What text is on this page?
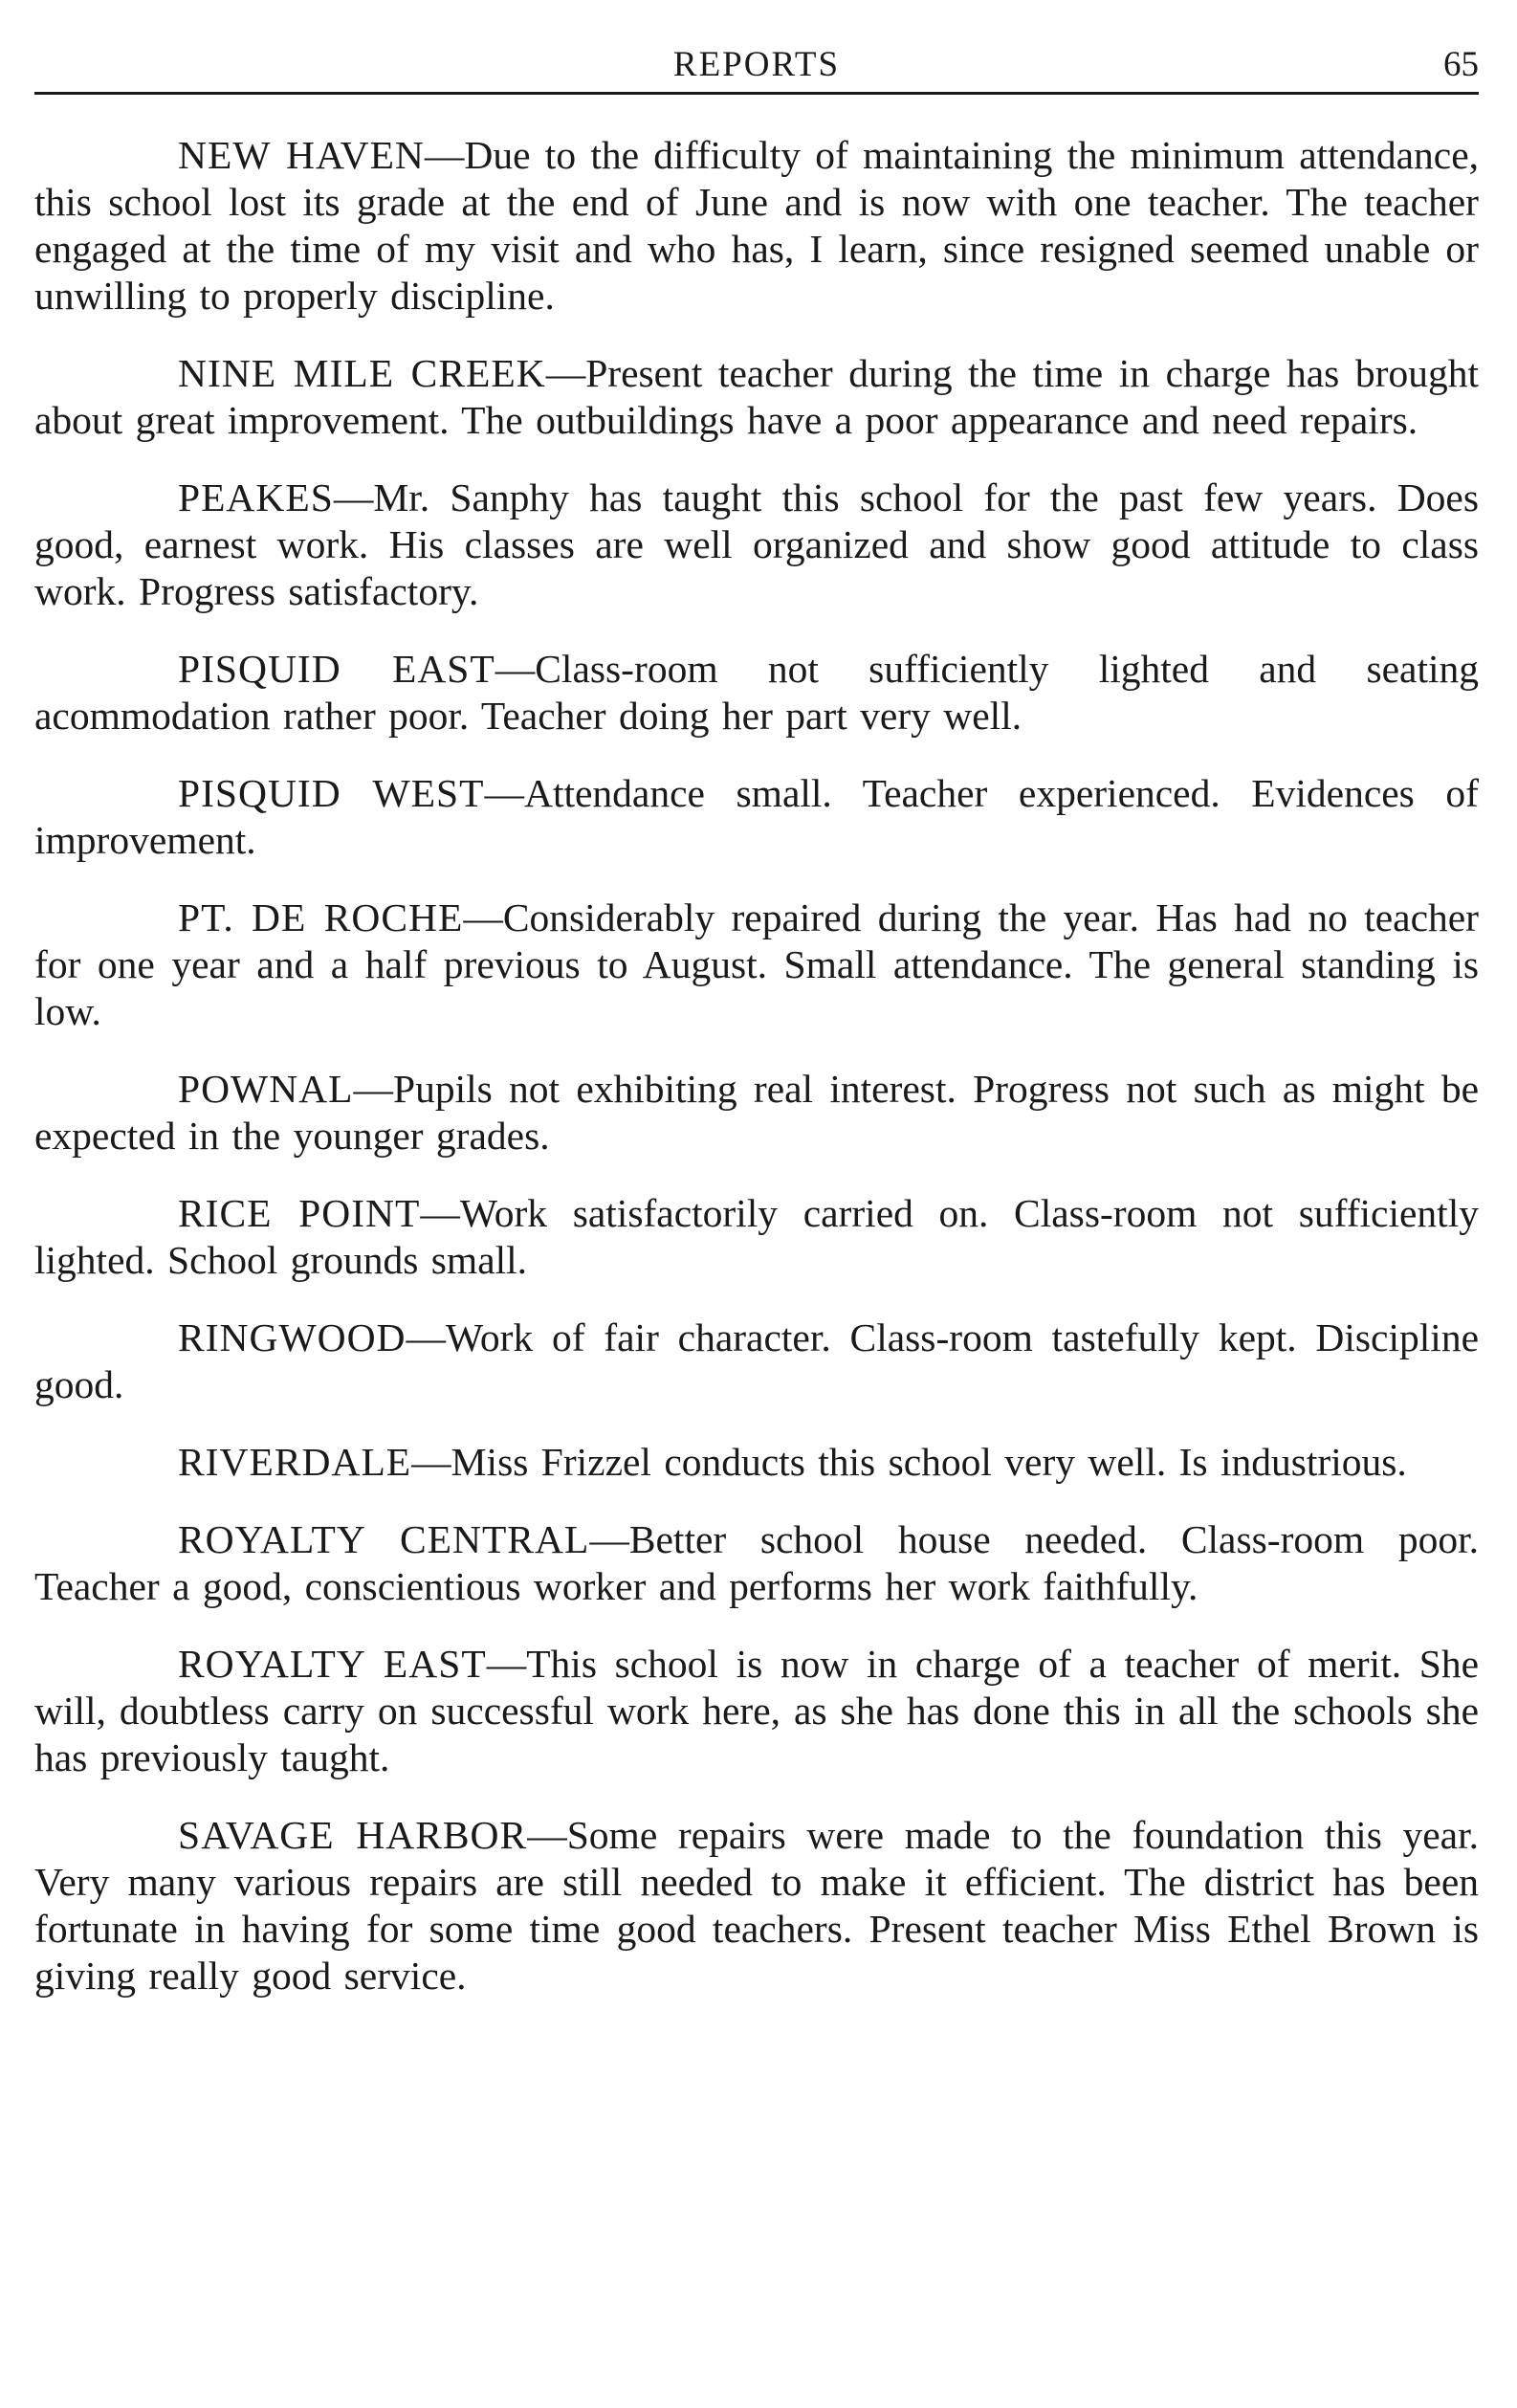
REPORTS	65

NEW HAVEN—Due to the difficulty of maintaining the minimum attendance, this school lost its grade at the end of June and is now with one teacher. The teacher engaged at the time of my visit and who has, I learn, since resigned seemed unable or unwilling to properly discipline.

NINE MILE CREEK—Present teacher during the time in charge has brought about great improvement. The outbuildings have a poor appearance and need repairs.

PEAKES—Mr. Sanphy has taught this school for the past few years. Does good, earnest work. His classes are well organized and show good attitude to class work. Progress satisfactory.

PISQUID EAST—Class-room not sufficiently lighted and seating acommodation rather poor. Teacher doing her part very well.

PISQUID WEST—Attendance small. Teacher experienced. Evidences of improvement.

PT. DE ROCHE—Considerably repaired during the year. Has had no teacher for one year and a half previous to August. Small attendance. The general standing is low.

POWNAL—Pupils not exhibiting real interest. Progress not such as might be expected in the younger grades.

RICE POINT—Work satisfactorily carried on. Class-room not sufficiently lighted. School grounds small.

RINGWOOD—Work of fair character. Class-room tastefully kept. Discipline good.

RIVERDALE—Miss Frizzel conducts this school very well. Is industrious.

ROYALTY CENTRAL—Better school house needed. Class-room poor. Teacher a good, conscientious worker and performs her work faithfully.

ROYALTY EAST—This school is now in charge of a teacher of merit. She will, doubtless carry on successful work here, as she has done this in all the schools she has previously taught.

SAVAGE HARBOR—Some repairs were made to the foundation this year. Very many various repairs are still needed to make it efficient. The district has been fortunate in having for some time good teachers. Present teacher Miss Ethel Brown is giving really good service.
